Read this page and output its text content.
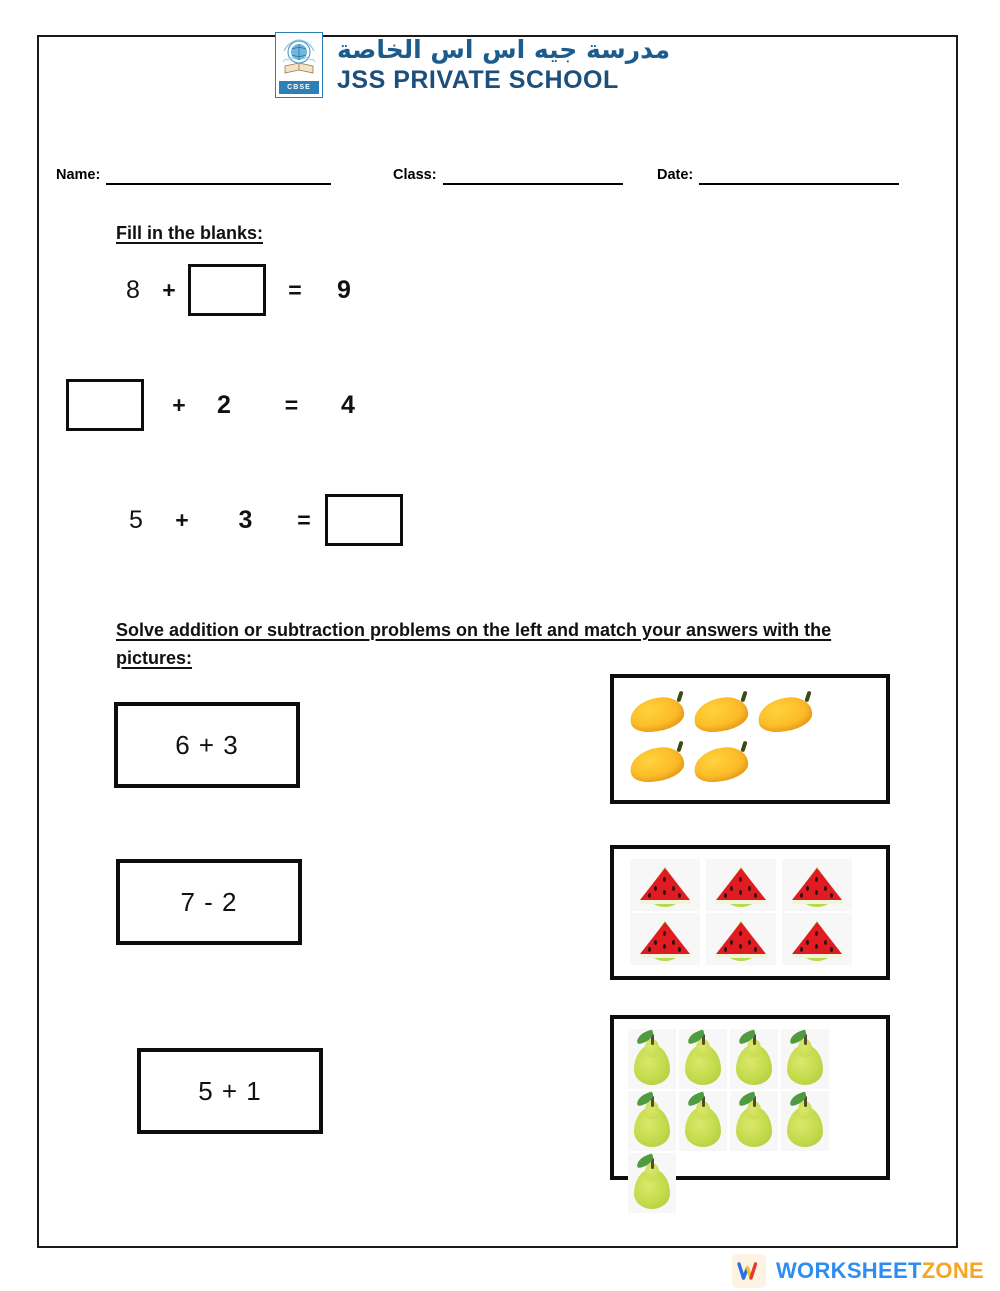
CBSE
مدرسة جيه اس اس الخاصة
JSS PRIVATE SCHOOL
Name:	Class:	Date:
Fill in the blanks:
8 +	=	9
+	2	=	4
5	+	3	=
Solve addition or subtraction problems on the left and match your answers with the pictures:
6 + 3
7 - 2
5 + 1
WORKSHEETZONE
